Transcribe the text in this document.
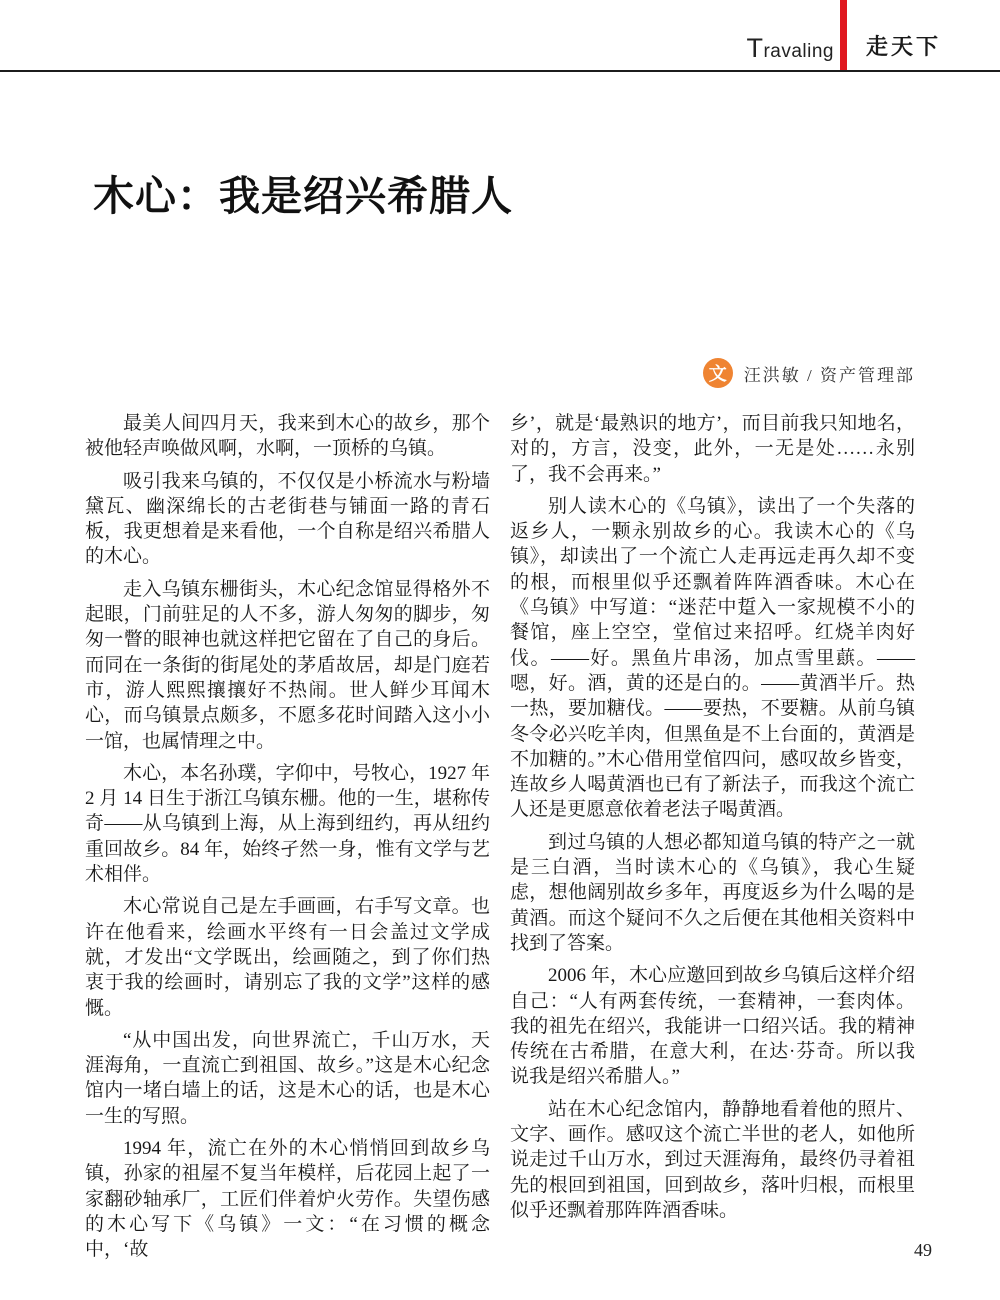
Travaling 走天下
木心：我是绍兴希腊人
文	汪洪敏 / 资产管理部

最美人间四月天，我来到木心的故乡，那个被他轻声唤做风啊，水啊，一顶桥的乌镇。

吸引我来乌镇的，不仅仅是小桥流水与粉墙黛瓦、幽深绵长的古老街巷与铺面一路的青石板，我更想着是来看他，一个自称是绍兴希腊人的木心。

走入乌镇东栅街头，木心纪念馆显得格外不起眼，门前驻足的人不多，游人匆匆的脚步，匆匆一瞥的眼神也就这样把它留在了自己的身后。而同在一条街的街尾处的茅盾故居，却是门庭若市，游人熙熙攘攘好不热闹。世人鲜少耳闻木心，而乌镇景点颇多，不愿多花时间踏入这小小一馆，也属情理之中。

木心，本名孙璞，字仰中，号牧心，1927 年 2 月 14 日生于浙江乌镇东栅。他的一生，堪称传奇——从乌镇到上海，从上海到纽约，再从纽约重回故乡。84 年，始终孑然一身，惟有文学与艺术相伴。

木心常说自己是左手画画，右手写文章。也许在他看来，绘画水平终有一日会盖过文学成就，才发出“文学既出，绘画随之，到了你们热衷于我的绘画时，请别忘了我的文学”这样的感慨。

“从中国出发，向世界流亡，千山万水，天涯海角，一直流亡到祖国、故乡。”这是木心纪念馆内一堵白墙上的话，这是木心的话，也是木心一生的写照。

1994 年，流亡在外的木心悄悄回到故乡乌镇，孙家的祖屋不复当年模样，后花园上起了一家翻砂轴承厂，工匠们伴着炉火劳作。失望伤感的木心写下《乌镇》一文：“在习惯的概念中，‘故

乡’，就是‘最熟识的地方’，而目前我只知地名，对的，方言，没变，此外，一无是处……永别了，我不会再来。”

别人读木心的《乌镇》，读出了一个失落的返乡人，一颗永别故乡的心。我读木心的《乌镇》，却读出了一个流亡人走再远走再久却不变的根，而根里似乎还飘着阵阵酒香味。木心在《乌镇》中写道：“迷茫中踅入一家规模不小的餐馆，座上空空，堂倌过来招呼。红烧羊肉好伐。——好。黑鱼片串汤，加点雪里蕻。——嗯，好。酒，黄的还是白的。——黄酒半斤。热一热，要加糖伐。——要热，不要糖。从前乌镇冬令必兴吃羊肉，但黑鱼是不上台面的，黄酒是不加糖的。”木心借用堂倌四问，感叹故乡皆变，连故乡人喝黄酒也已有了新法子，而我这个流亡人还是更愿意依着老法子喝黄酒。

到过乌镇的人想必都知道乌镇的特产之一就是三白酒，当时读木心的《乌镇》，我心生疑虑，想他阔别故乡多年，再度返乡为什么喝的是黄酒。而这个疑问不久之后便在其他相关资料中找到了答案。

2006 年，木心应邀回到故乡乌镇后这样介绍自己：“人有两套传统，一套精神，一套肉体。我的祖先在绍兴，我能讲一口绍兴话。我的精神传统在古希腊，在意大利，在达·芬奇。所以我说我是绍兴希腊人。”

站在木心纪念馆内，静静地看着他的照片、文字、画作。感叹这个流亡半世的老人，如他所说走过千山万水，到过天涯海角，最终仍寻着祖先的根回到祖国，回到故乡，落叶归根，而根里似乎还飘着那阵阵酒香味。

49
